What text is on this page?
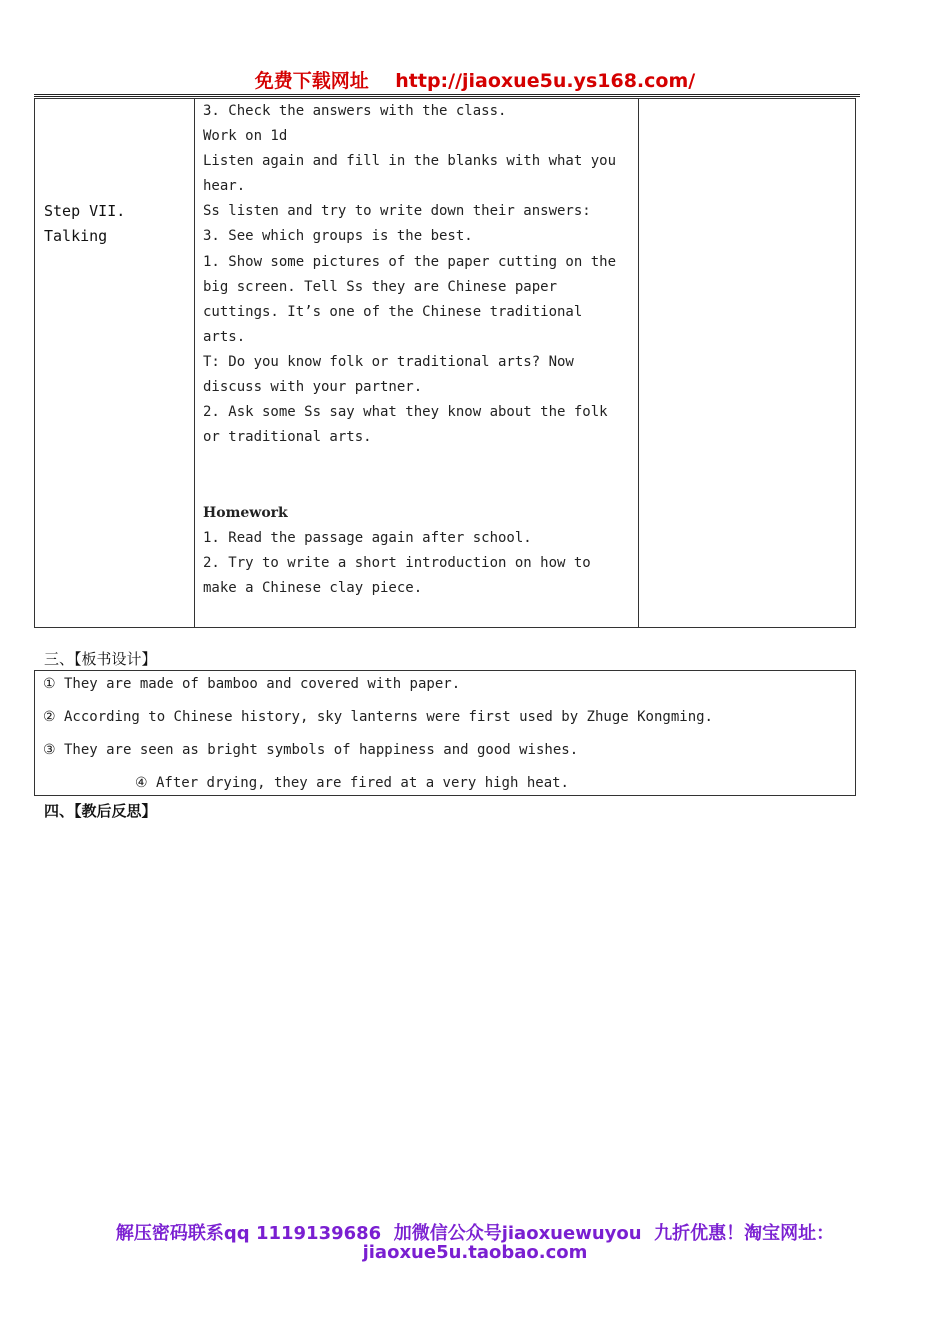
免费下载网址    http://jiaoxue5u.ys168.com/
Step VII.
Talking
3. Check the answers with the class.
Work on 1d
Listen again and fill in the blanks with what you
hear.
Ss listen and try to write down their answers:
3. See which groups is the best.
1. Show some pictures of the paper cutting on the
big screen. Tell Ss they are Chinese paper
cuttings. It’s one of the Chinese traditional
arts.
T: Do you know folk or traditional arts? Now
discuss with your partner.
2. Ask some Ss say what they know about the folk
or traditional arts.
Homework
1. Read the passage again after school.
2. Try to write a short introduction on how to
make a Chinese clay piece.
三、【板书设计】
① They are made of bamboo and covered with paper.
② According to Chinese history, sky lanterns were first used by Zhuge Kongming.
③ They are seen as bright symbols of happiness and good wishes.
④ After drying, they are fired at a very high heat.
四、【教后反思】
解压密码联系qq 1119139686  加微信公众号jiaoxuewuyou  九折优惠！淘宝网址：
jiaoxue5u.taobao.com
